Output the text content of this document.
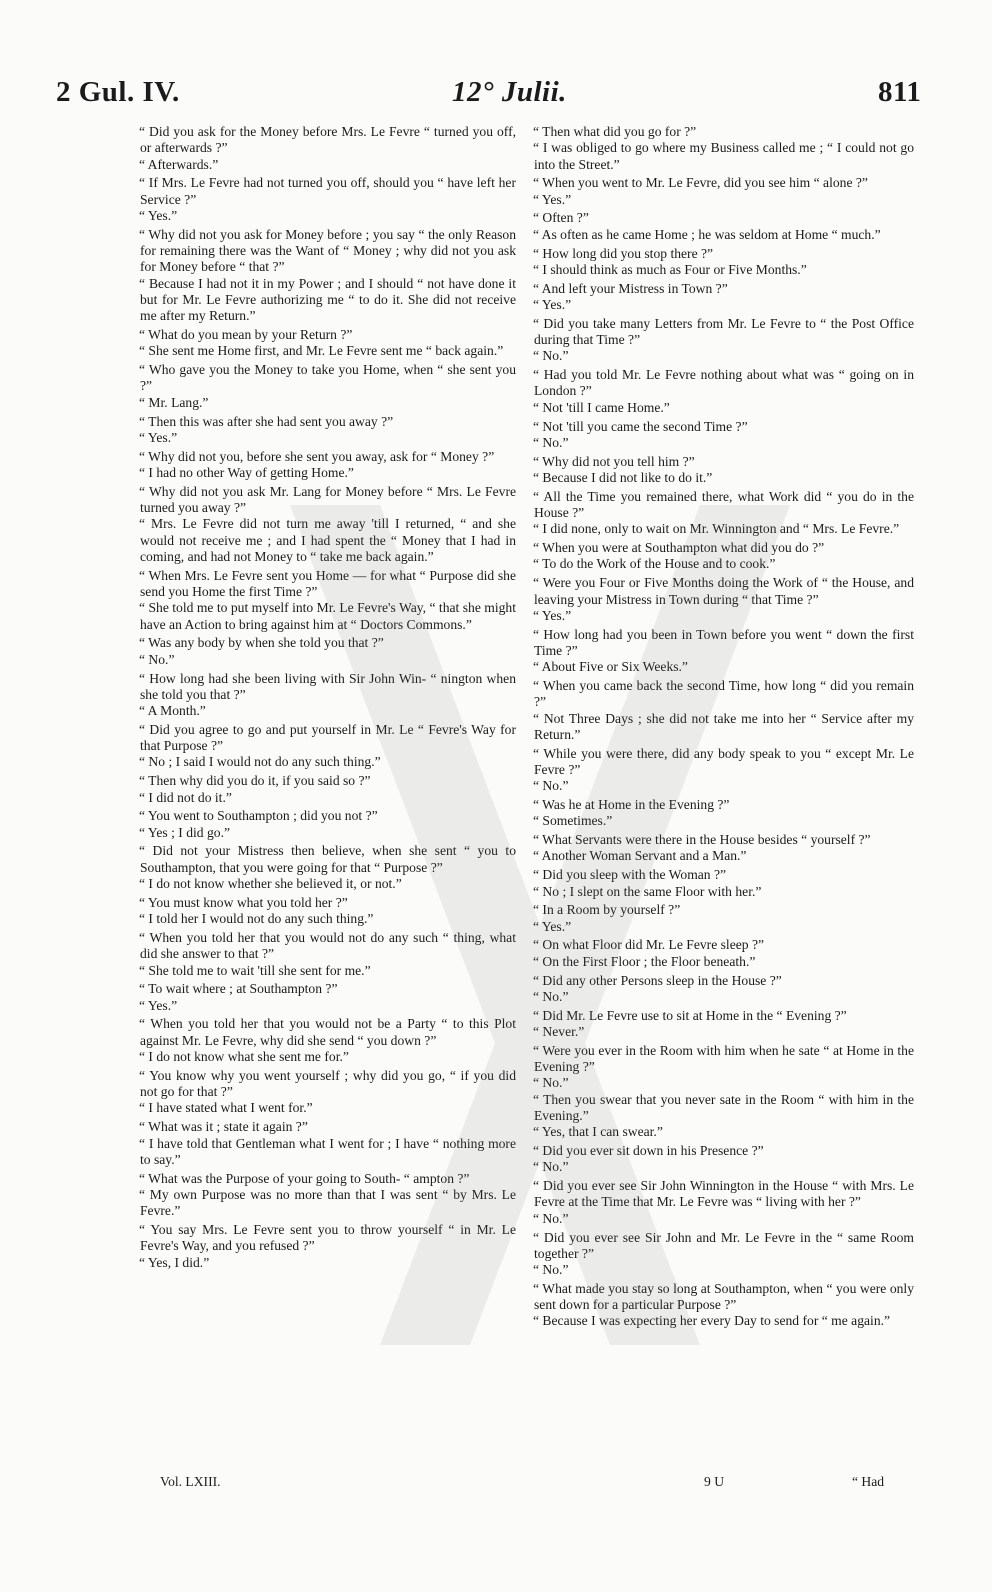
2 Gul. IV.	12° Julii.	811

“ Did you ask for the Money before Mrs. Le Fevre “ turned you off, or afterwards ?”

“ Afterwards.”

“ If Mrs. Le Fevre had not turned you off, should you “ have left her Service ?”

“ Yes.”

“ Why did not you ask for Money before ; you say “ the only Reason for remaining there was the Want of “ Money ; why did not you ask for Money before “ that ?”

“ Because I had not it in my Power ; and I should “ not have done it but for Mr. Le Fevre authorizing me “ to do it. She did not receive me after my Return.”

“ What do you mean by your Return ?”

“ She sent me Home first, and Mr. Le Fevre sent me “ back again.”

“ Who gave you the Money to take you Home, when “ she sent you ?”

“ Mr. Lang.”

“ Then this was after she had sent you away ?”

“ Yes.”

“ Why did not you, before she sent you away, ask for “ Money ?”

“ I had no other Way of getting Home.”

“ Why did not you ask Mr. Lang for Money before “ Mrs. Le Fevre turned you away ?”

“ Mrs. Le Fevre did not turn me away 'till I returned, “ and she would not receive me ; and I had spent the “ Money that I had in coming, and had not Money to “ take me back again.”

“ When Mrs. Le Fevre sent you Home — for what “ Purpose did she send you Home the first Time ?”

“ She told me to put myself into Mr. Le Fevre's Way, “ that she might have an Action to bring against him at “ Doctors Commons.”

“ Was any body by when she told you that ?”

“ No.”

“ How long had she been living with Sir John Win- “ nington when she told you that ?”

“ A Month.”

“ Did you agree to go and put yourself in Mr. Le “ Fevre's Way for that Purpose ?”

“ No ; I said I would not do any such thing.”

“ Then why did you do it, if you said so ?”

“ I did not do it.”

“ You went to Southampton ; did you not ?”

“ Yes ; I did go.”

“ Did not your Mistress then believe, when she sent “ you to Southampton, that you were going for that “ Purpose ?”

“ I do not know whether she believed it, or not.”

“ You must know what you told her ?”

“ I told her I would not do any such thing.”

“ When you told her that you would not do any such “ thing, what did she answer to that ?”

“ She told me to wait 'till she sent for me.”

“ To wait where ; at Southampton ?”

“ Yes.”

“ When you told her that you would not be a Party “ to this Plot against Mr. Le Fevre, why did she send “ you down ?”

“ I do not know what she sent me for.”

“ You know why you went yourself ; why did you go, “ if you did not go for that ?”

“ I have stated what I went for.”

“ What was it ; state it again ?”

“ I have told that Gentleman what I went for ; I have “ nothing more to say.”

“ What was the Purpose of your going to South- “ ampton ?”

“ My own Purpose was no more than that I was sent “ by Mrs. Le Fevre.”

“ You say Mrs. Le Fevre sent you to throw yourself “ in Mr. Le Fevre's Way, and you refused ?”

“ Yes, I did.”

“ Then what did you go for ?”

“ I was obliged to go where my Business called me ; “ I could not go into the Street.”

“ When you went to Mr. Le Fevre, did you see him “ alone ?”

“ Yes.”

“ Often ?”

“ As often as he came Home ; he was seldom at Home “ much.”

“ How long did you stop there ?”

“ I should think as much as Four or Five Months.”

“ And left your Mistress in Town ?”

“ Yes.”

“ Did you take many Letters from Mr. Le Fevre to “ the Post Office during that Time ?”

“ No.”

“ Had you told Mr. Le Fevre nothing about what was “ going on in London ?”

“ Not 'till I came Home.”

“ Not 'till you came the second Time ?”

“ No.”

“ Why did not you tell him ?”

“ Because I did not like to do it.”

“ All the Time you remained there, what Work did “ you do in the House ?”

“ I did none, only to wait on Mr. Winnington and “ Mrs. Le Fevre.”

“ When you were at Southampton what did you do ?”

“ To do the Work of the House and to cook.”

“ Were you Four or Five Months doing the Work of “ the House, and leaving your Mistress in Town during “ that Time ?”

“ Yes.”

“ How long had you been in Town before you went “ down the first Time ?”

“ About Five or Six Weeks.”

“ When you came back the second Time, how long “ did you remain ?”

“ Not Three Days ; she did not take me into her “ Service after my Return.”

“ While you were there, did any body speak to you “ except Mr. Le Fevre ?”

“ No.”

“ Was he at Home in the Evening ?”

“ Sometimes.”

“ What Servants were there in the House besides “ yourself ?”

“ Another Woman Servant and a Man.”

“ Did you sleep with the Woman ?”

“ No ; I slept on the same Floor with her.”

“ In a Room by yourself ?”

“ Yes.”

“ On what Floor did Mr. Le Fevre sleep ?”

“ On the First Floor ; the Floor beneath.”

“ Did any other Persons sleep in the House ?”

“ No.”

“ Did Mr. Le Fevre use to sit at Home in the “ Evening ?”

“ Never.”

“ Were you ever in the Room with him when he sate “ at Home in the Evening ?”

“ No.”

“ Then you swear that you never sate in the Room “ with him in the Evening.”

“ Yes, that I can swear.”

“ Did you ever sit down in his Presence ?”

“ No.”

“ Did you ever see Sir John Winnington in the House “ with Mrs. Le Fevre at the Time that Mr. Le Fevre was “ living with her ?”

“ No.”

“ Did you ever see Sir John and Mr. Le Fevre in the “ same Room together ?”

“ No.”

“ What made you stay so long at Southampton, when “ you were only sent down for a particular Purpose ?”

“ Because I was expecting her every Day to send for “ me again.”

Vol. LXIII.	9 U	“ Had
